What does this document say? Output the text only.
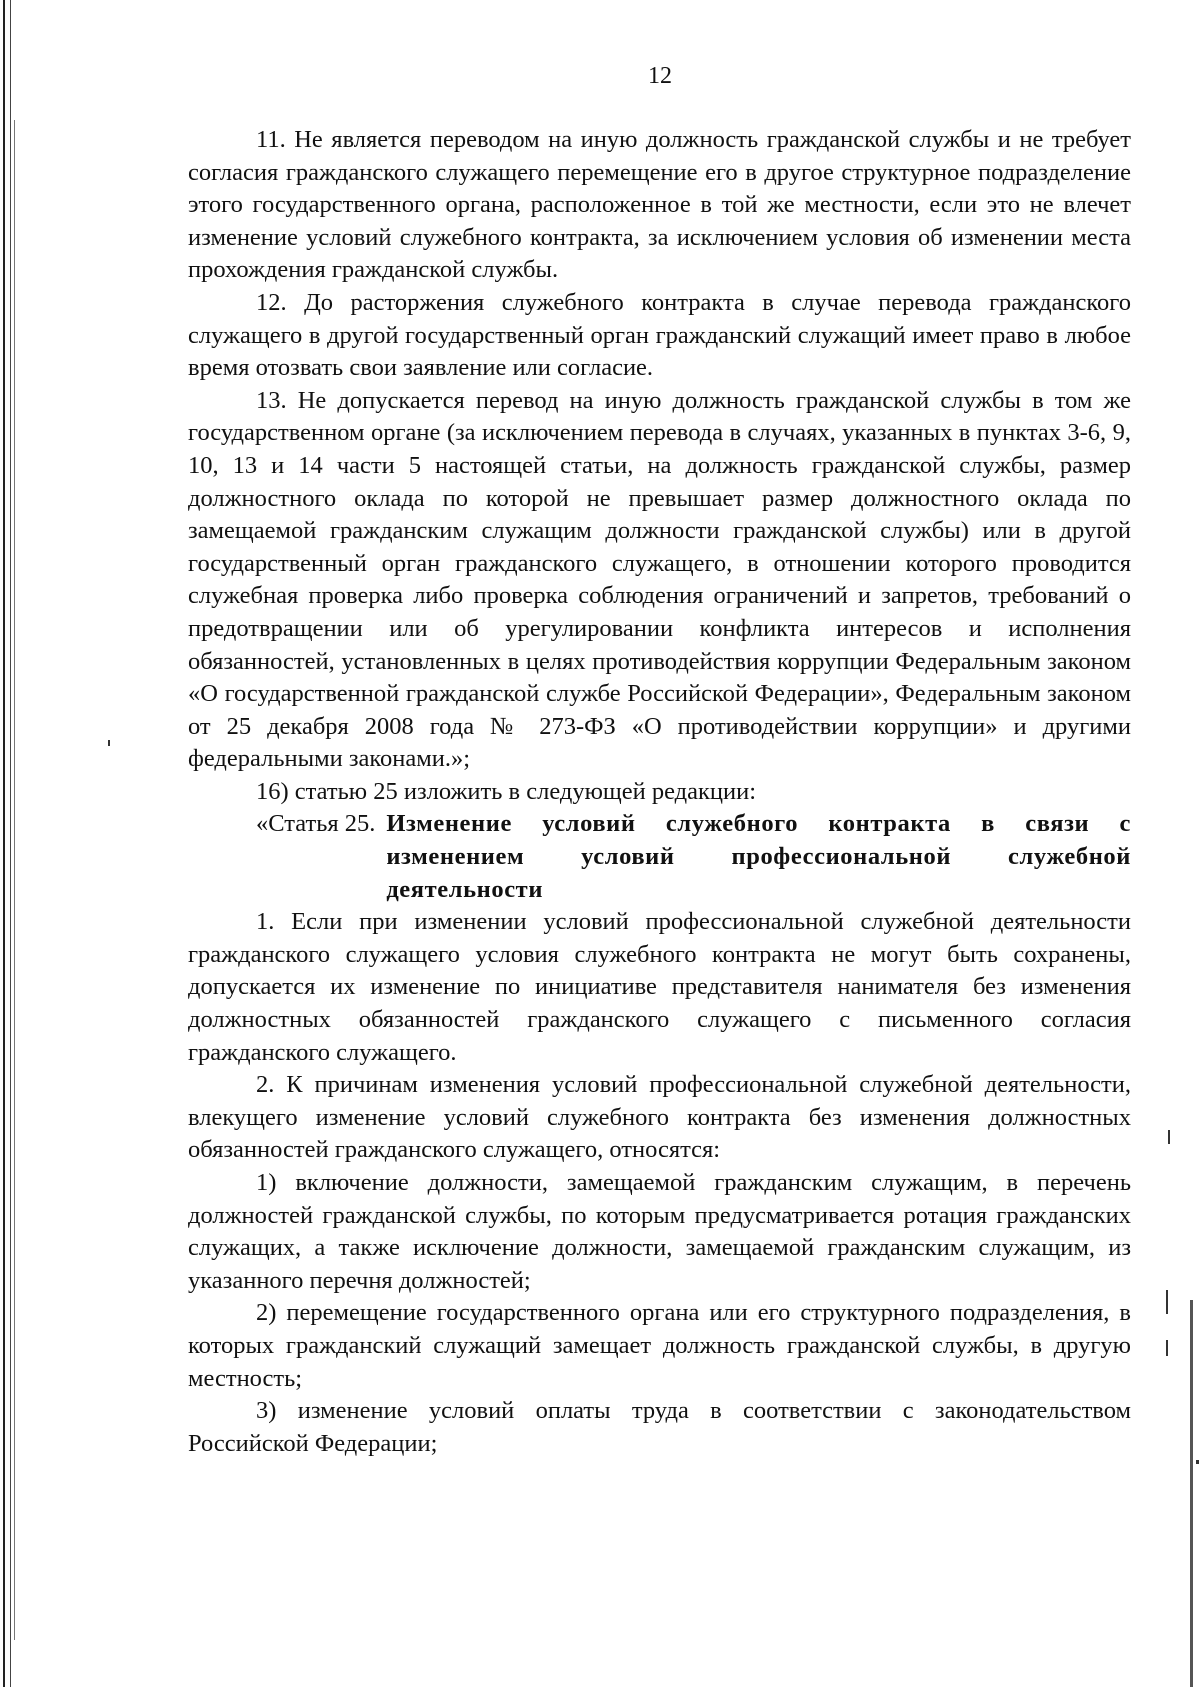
12

11. Не является переводом на иную должность гражданской службы и не требует согласия гражданского служащего перемещение его в другое структурное подразделение этого государственного органа, расположенное в той же местности, если это не влечет изменение условий служебного контракта, за исключением условия об изменении места прохождения гражданской службы.

12. До расторжения служебного контракта в случае перевода гражданского служащего в другой государственный орган гражданский служащий имеет право в любое время отозвать свои заявление или согласие.

13. Не допускается перевод на иную должность гражданской службы в том же государственном органе (за исключением перевода в случаях, указанных в пунктах 3-6, 9, 10, 13 и 14 части 5 настоящей статьи, на должность гражданской службы, размер должностного оклада по которой не превышает размер должностного оклада по замещаемой гражданским служащим должности гражданской службы) или в другой государственный орган гражданского служащего, в отношении которого проводится служебная проверка либо проверка соблюдения ограничений и запретов, требований о предотвращении или об урегулировании конфликта интересов и исполнения обязанностей, установленных в целях противодействия коррупции Федеральным законом «О государственной гражданской службе Российской Федерации», Федеральным законом от 25 декабря 2008 года № 273-ФЗ «О противодействии коррупции» и другими федеральными законами.»;

16) статью 25 изложить в следующей редакции:

«Статья 25. Изменение условий служебного контракта в связи с изменением условий профессиональной служебной деятельности

1. Если при изменении условий профессиональной служебной деятельности гражданского служащего условия служебного контракта не могут быть сохранены, допускается их изменение по инициативе представителя нанимателя без изменения должностных обязанностей гражданского служащего с письменного согласия гражданского служащего.

2. К причинам изменения условий профессиональной служебной деятельности, влекущего изменение условий служебного контракта без изменения должностных обязанностей гражданского служащего, относятся:

1) включение должности, замещаемой гражданским служащим, в перечень должностей гражданской службы, по которым предусматривается ротация гражданских служащих, а также исключение должности, замещаемой гражданским служащим, из указанного перечня должностей;

2) перемещение государственного органа или его структурного подразделения, в которых гражданский служащий замещает должность гражданской службы, в другую местность;

3) изменение условий оплаты труда в соответствии с законодательством Российской Федерации;
